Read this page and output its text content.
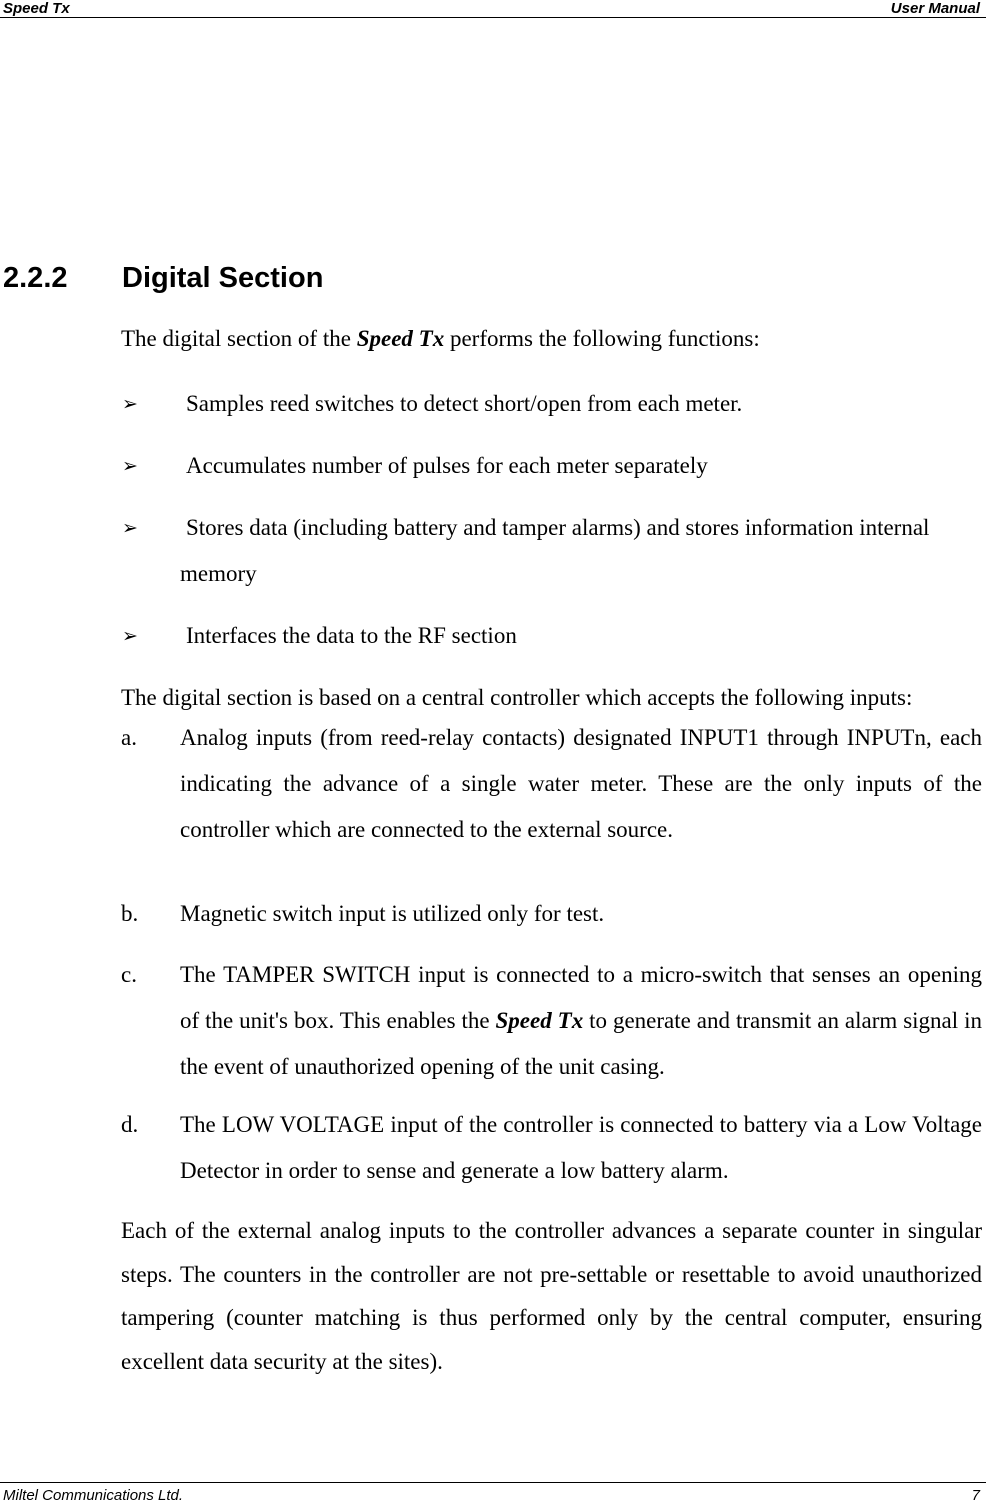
Speed Tx	User Manual
2.2.2 Digital Section
The digital section of the Speed Tx performs the following functions:
➢ Samples reed switches to detect short/open from each meter.
➢ Accumulates number of pulses for each meter separately
➢ Stores data (including battery and tamper alarms) and stores information internal memory
➢ Interfaces the data to the RF section
The digital section is based on a central controller which accepts the following inputs:
a. Analog inputs (from reed-relay contacts) designated INPUT1 through INPUTn, each indicating the advance of a single water meter. These are the only inputs of the controller which are connected to the external source.
b. Magnetic switch input is utilized only for test.
c. The TAMPER SWITCH input is connected to a micro-switch that senses an opening of the unit's box. This enables the Speed Tx to generate and transmit an alarm signal in the event of unauthorized opening of the unit casing.
d. The LOW VOLTAGE input of the controller is connected to battery via a Low Voltage Detector in order to sense and generate a low battery alarm.
Each of the external analog inputs to the controller advances a separate counter in singular steps. The counters in the controller are not pre-settable or resettable to avoid unauthorized tampering (counter matching is thus performed only by the central computer, ensuring excellent data security at the sites).
Miltel Communications Ltd.	7
